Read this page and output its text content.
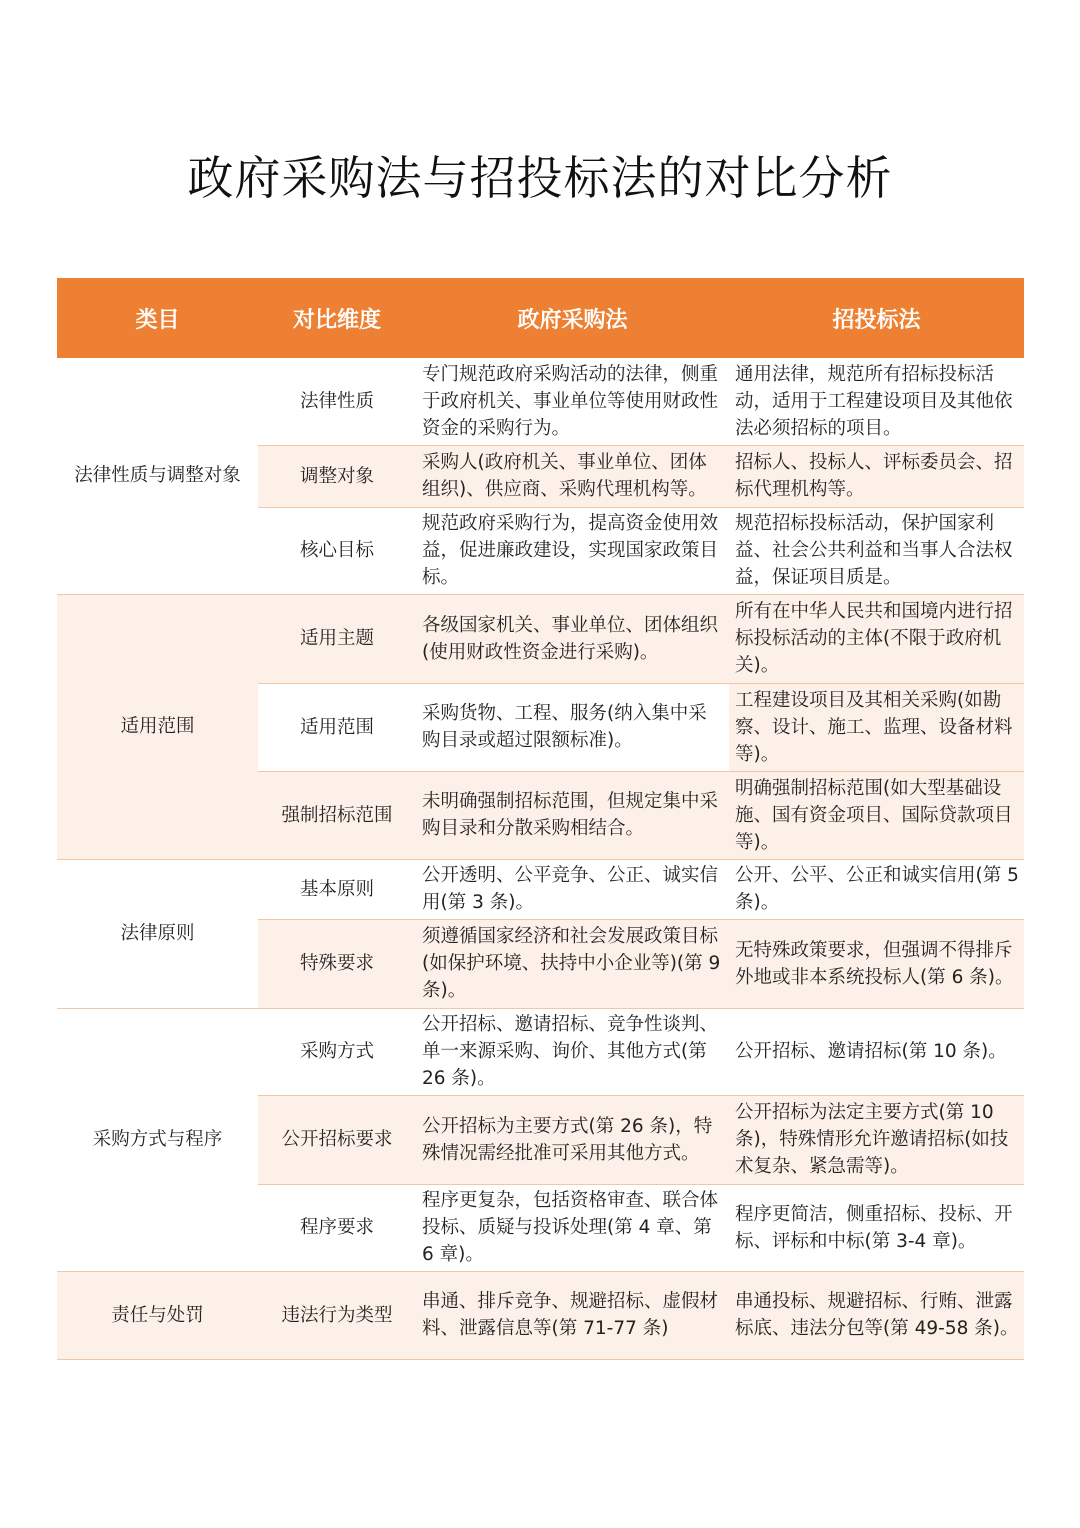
政府采购法与招投标法的对比分析
类目	对比维度	政府采购法	招投标法
法律性质与调整对象	法律性质	专门规范政府采购活动的法律，侧重于政府机关、事业单位等使用财政性资金的采购行为。	通用法律，规范所有招标投标活动，适用于工程建设项目及其他依法必须招标的项目。
	调整对象	采购人(政府机关、事业单位、团体组织)、供应商、采购代理机构等。	招标人、投标人、评标委员会、招标代理机构等。
	核心目标	规范政府采购行为，提高资金使用效益，促进廉政建设，实现国家政策目标。	规范招标投标活动，保护国家利益、社会公共利益和当事人合法权益，保证项目质是。
适用范围	适用主题	各级国家机关、事业单位、团体组织(使用财政性资金进行采购)。	所有在中华人民共和国境内进行招标投标活动的主体(不限于政府机关)。
	适用范围	采购货物、工程、服务(纳入集中采购目录或超过限额标准)。	工程建设项目及其相关采购(如勘察、设计、施工、监理、设备材料等)。
	强制招标范围	未明确强制招标范围，但规定集中采购目录和分散采购相结合。	明确强制招标范围(如大型基础设施、国有资金项目、国际贷款项目等)。
法律原则	基本原则	公开透明、公平竞争、公正、诚实信用(第 3 条)。	公开、公平、公正和诚实信用(第 5 条)。
	特殊要求	须遵循国家经济和社会发展政策目标(如保护环境、扶持中小企业等)(第 9 条)。	无特殊政策要求，但强调不得排斥外地或非本系统投标人(第 6 条)。
采购方式与程序	采购方式	公开招标、邀请招标、竞争性谈判、单一来源采购、询价、其他方式(第 26 条)。	公开招标、邀请招标(第 10 条)。
	公开招标要求	公开招标为主要方式(第 26 条)，特殊情况需经批准可采用其他方式。	公开招标为法定主要方式(第 10 条)，特殊情形允许邀请招标(如技术复杂、紧急需等)。
	程序要求	程序更复杂，包括资格审查、联合体投标、质疑与投诉处理(第 4 章、第 6 章)。	程序更简洁，侧重招标、投标、开标、评标和中标(第 3-4 章)。
责任与处罚	违法行为类型	串通、排斥竞争、规避招标、虚假材料、泄露信息等(第 71-77 条)	串通投标、规避招标、行贿、泄露标底、违法分包等(第 49-58 条)。
